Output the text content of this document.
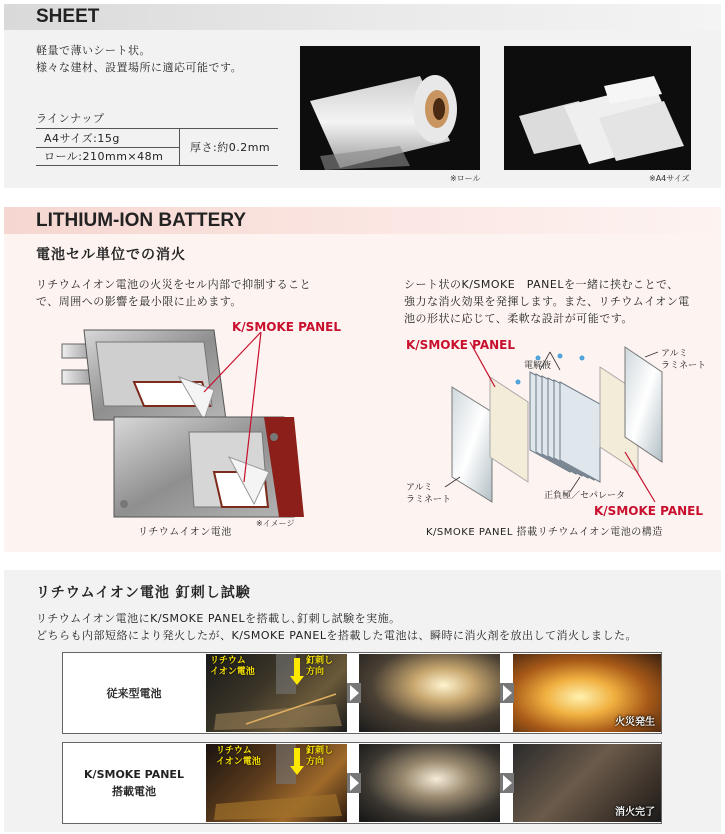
SHEET
軽量で薄いシート状。
様々な建材、設置場所に適応可能です。
ラインナップ
A4サイズ:15g
ロール:210mm×48m
厚さ:約0.2mm
※ロール	※A4サイズ
LITHIUM-ION BATTERY
電池セル単位での消火
リチウムイオン電池の火災をセル内部で抑制すること
で、周囲への影響を最小限に止めます。
シート状のK/SMOKE　PANELを一緒に挟むことで、
強力な消火効果を発揮します。また、リチウムイオン電
池の形状に応じて、柔軟な設計が可能です。
K/SMOKE PANEL
※イメージ
リチウムイオン電池
K/SMOKE PANEL
電解液
アルミ
ラミネート
アルミ
ラミネート	正負極／セパレータ
K/SMOKE PANEL
K/SMOKE PANEL 搭載リチウムイオン電池の構造
リチウムイオン電池 釘刺し試験
リチウムイオン電池にK/SMOKE PANELを搭載し､釘刺し試験を実施。
どちらも内部短絡により発火したが、K/SMOKE PANELを搭載した電池は、瞬時に消火剤を放出して消火しました。
従来型電池
リチウム
イオン電池
釘刺し
方向
火災発生
K/SMOKE PANEL
搭載電池
リチウム
イオン電池
釘刺し
方向
消火完了
